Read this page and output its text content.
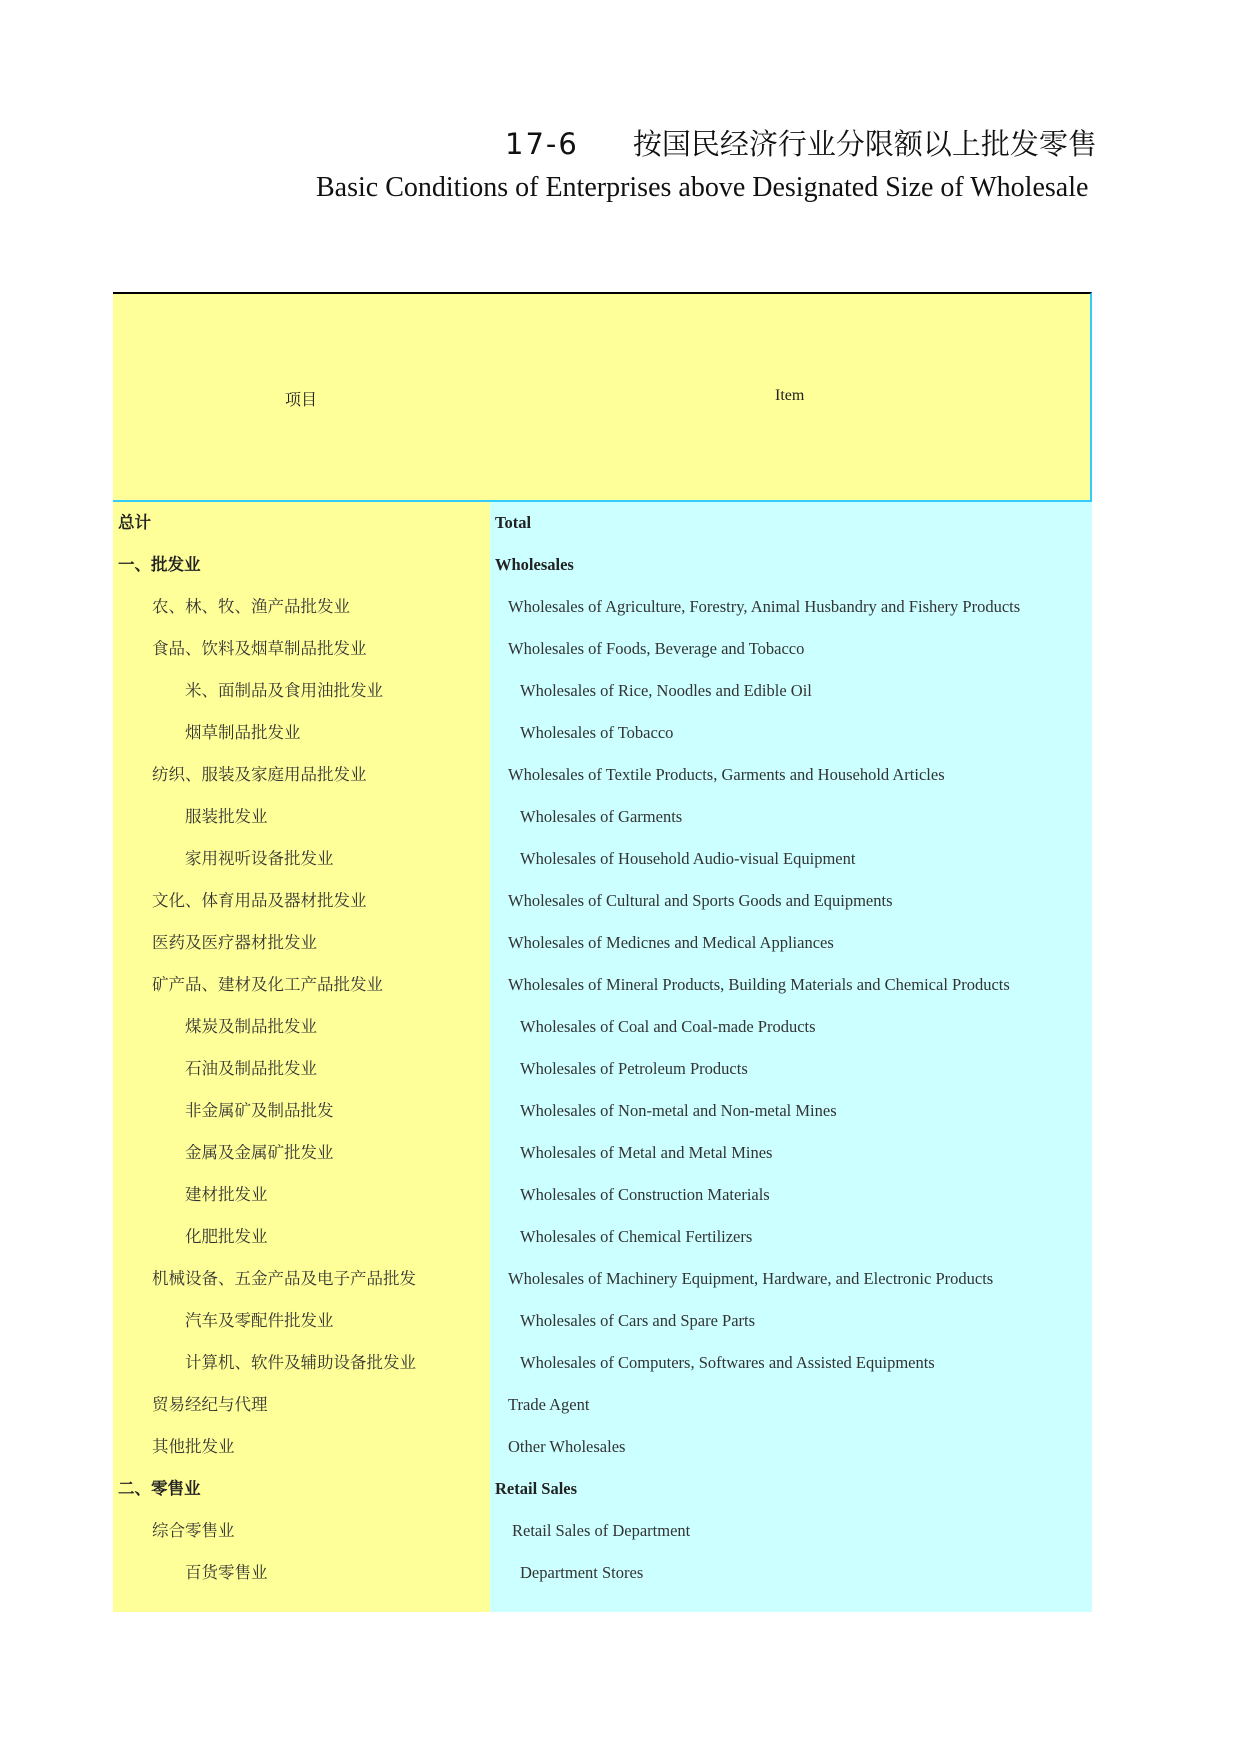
17-6 按国民经济行业分限额以上批发零售
Basic Conditions of Enterprises above Designated Size of Wholesale
项目	Item
总计	Total
一、批发业	Wholesales
农、林、牧、渔产品批发业	Wholesales of Agriculture, Forestry, Animal Husbandry and Fishery Products
食品、饮料及烟草制品批发业	Wholesales of Foods, Beverage and Tobacco
米、面制品及食用油批发业	Wholesales of Rice, Noodles and Edible Oil
烟草制品批发业	Wholesales of Tobacco
纺织、服装及家庭用品批发业	Wholesales of Textile Products, Garments and Household Articles
服装批发业	Wholesales of Garments
家用视听设备批发业	Wholesales of Household Audio-visual Equipment
文化、体育用品及器材批发业	Wholesales of Cultural and Sports Goods and Equipments
医药及医疗器材批发业	Wholesales of Medicnes and Medical Appliances
矿产品、建材及化工产品批发业	Wholesales of Mineral Products, Building Materials and Chemical Products
煤炭及制品批发业	Wholesales of Coal and Coal-made Products
石油及制品批发业	Wholesales of Petroleum Products
非金属矿及制品批发	Wholesales of Non-metal and Non-metal Mines
金属及金属矿批发业	Wholesales of Metal and Metal Mines
建材批发业	Wholesales of Construction Materials
化肥批发业	Wholesales of Chemical Fertilizers
机械设备、五金产品及电子产品批发	Wholesales of Machinery Equipment, Hardware, and Electronic Products
汽车及零配件批发业	Wholesales of Cars and Spare Parts
计算机、软件及辅助设备批发业	Wholesales of Computers, Softwares and Assisted Equipments
贸易经纪与代理	Trade Agent
其他批发业	Other Wholesales
二、零售业	Retail Sales
综合零售业	Retail Sales of Department
百货零售业	Department Stores
